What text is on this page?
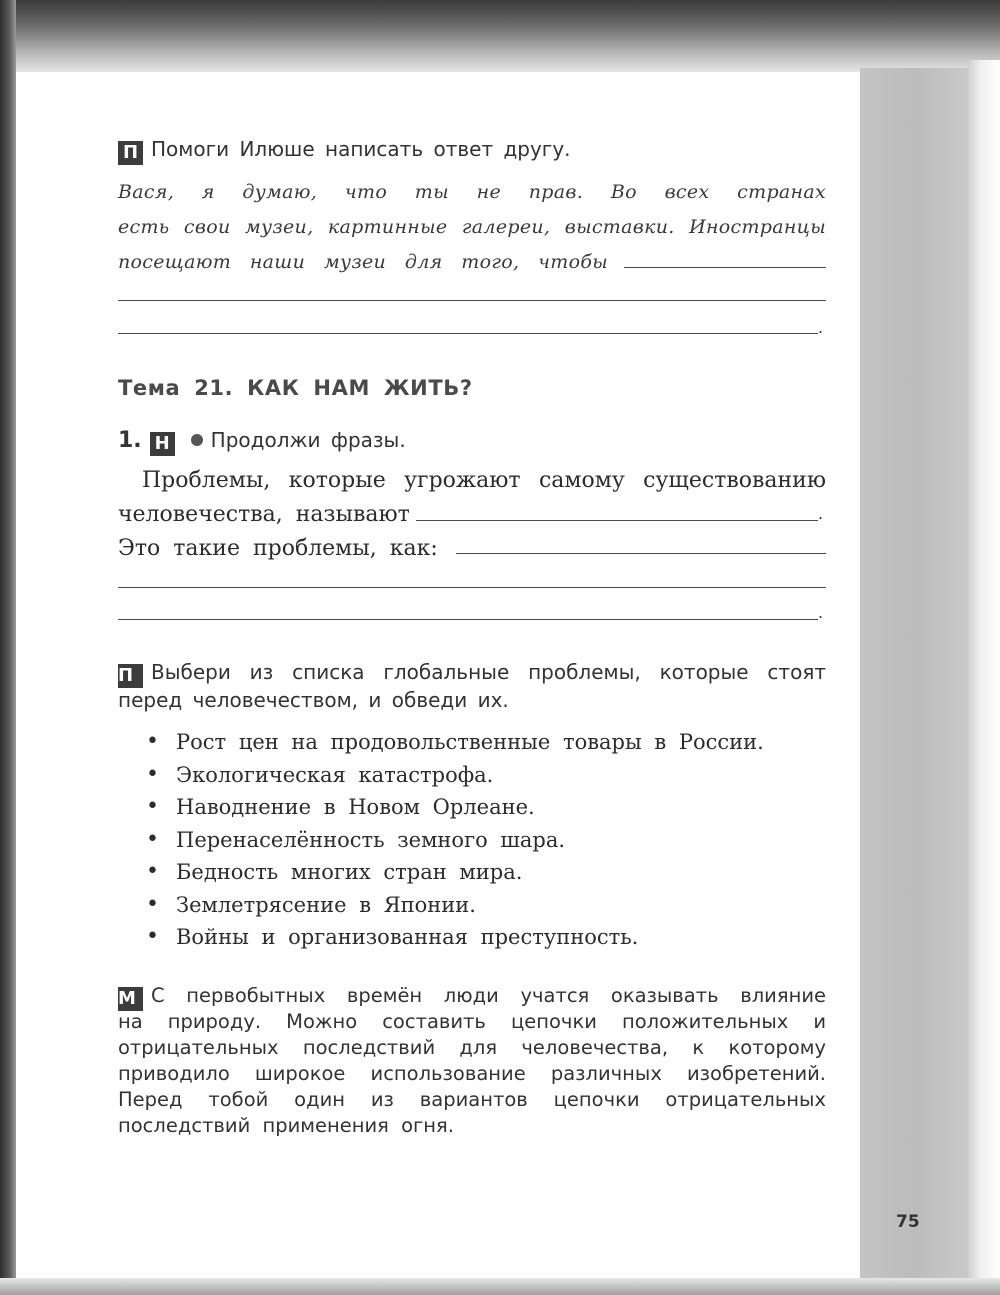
П Помоги Илюше написать ответ другу.
Вася, я думаю, что ты не прав. Во всех странах
есть свои музеи, картинные галереи, выставки. Иностранцы
посещают наши музеи для того, чтобы
.
Тема 21. КАК НАМ ЖИТЬ?
1. Н Продолжи фразы.
Проблемы, которые угрожают самому существованию
человечества, называют	.
Это такие проблемы, как:
.
П Выбери из списка глобальные проблемы, которые стоят
перед человечеством, и обведи их.
• Рост цен на продовольственные товары в России.
• Экологическая катастрофа.
• Наводнение в Новом Орлеане.
• Перенаселённость земного шара.
• Бедность многих стран мира.
• Землетрясение в Японии.
• Войны и организованная преступность.
М С первобытных времён люди учатся оказывать влияние
на природу. Можно составить цепочки положительных и
отрицательных последствий для человечества, к которому
приводило широкое использование различных изобретений.
Перед тобой один из вариантов цепочки отрицательных
последствий применения огня.
75
